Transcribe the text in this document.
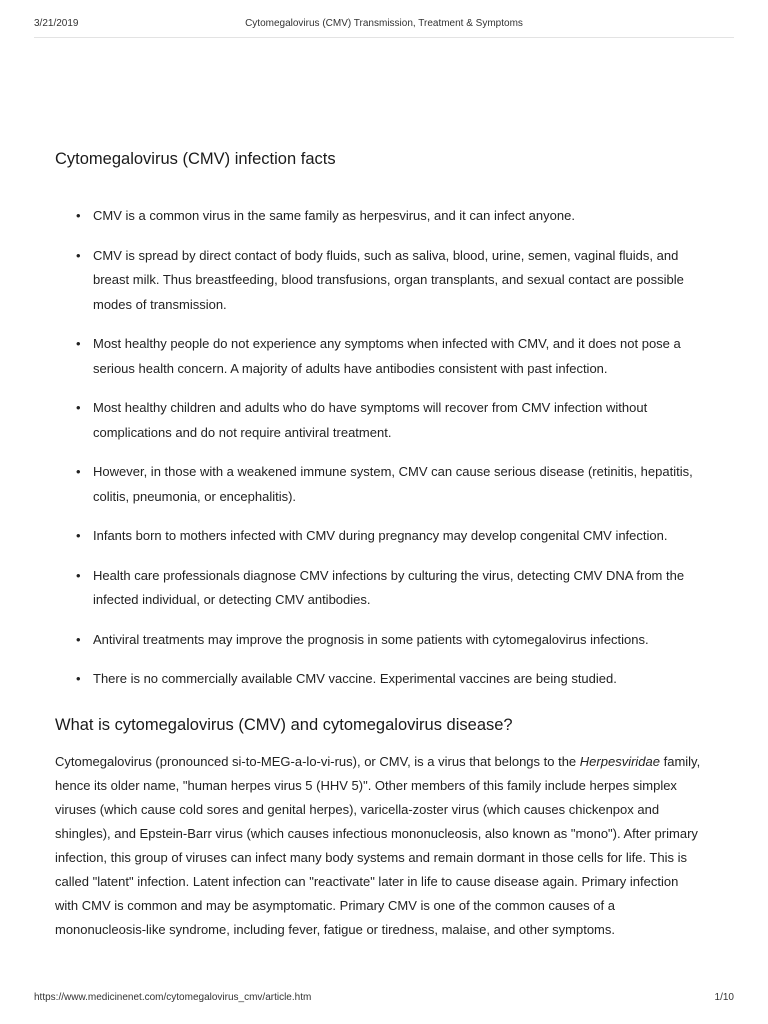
3/21/2019	Cytomegalovirus (CMV) Transmission, Treatment & Symptoms
Cytomegalovirus (CMV) infection facts
• CMV is a common virus in the same family as herpesvirus, and it can infect anyone.
• CMV is spread by direct contact of body fluids, such as saliva, blood, urine, semen, vaginal fluids, and breast milk. Thus breastfeeding, blood transfusions, organ transplants, and sexual contact are possible modes of transmission.
• Most healthy people do not experience any symptoms when infected with CMV, and it does not pose a serious health concern. A majority of adults have antibodies consistent with past infection.
• Most healthy children and adults who do have symptoms will recover from CMV infection without complications and do not require antiviral treatment.
• However, in those with a weakened immune system, CMV can cause serious disease (retinitis, hepatitis, colitis, pneumonia, or encephalitis).
• Infants born to mothers infected with CMV during pregnancy may develop congenital CMV infection.
• Health care professionals diagnose CMV infections by culturing the virus, detecting CMV DNA from the infected individual, or detecting CMV antibodies.
• Antiviral treatments may improve the prognosis in some patients with cytomegalovirus infections.
• There is no commercially available CMV vaccine. Experimental vaccines are being studied.
What is cytomegalovirus (CMV) and cytomegalovirus disease?

Cytomegalovirus (pronounced si-to-MEG-a-lo-vi-rus), or CMV, is a virus that belongs to the Herpesviridae family, hence its older name, "human herpes virus 5 (HHV 5)". Other members of this family include herpes simplex viruses (which cause cold sores and genital herpes), varicella-zoster virus (which causes chickenpox and shingles), and Epstein-Barr virus (which causes infectious mononucleosis, also known as "mono"). After primary infection, this group of viruses can infect many body systems and remain dormant in those cells for life. This is called "latent" infection. Latent infection can "reactivate" later in life to cause disease again. Primary infection with CMV is common and may be asymptomatic. Primary CMV is one of the common causes of a mononucleosis-like syndrome, including fever, fatigue or tiredness, malaise, and other symptoms.

https://www.medicinenet.com/cytomegalovirus_cmv/article.htm	1/10
